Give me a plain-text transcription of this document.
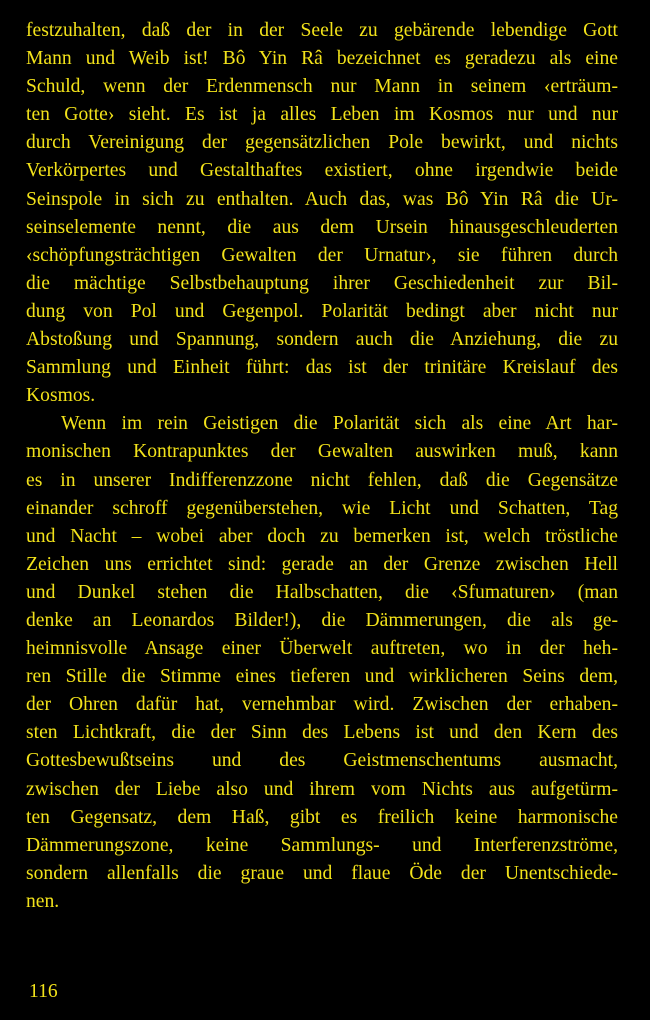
festzuhalten, daß der in der Seele zu gebärende lebendige Gott
Mann und Weib ist! Bô Yin Râ bezeichnet es geradezu als eine
Schuld, wenn der Erdenmensch nur Mann in seinem ‹erträum-
ten Gotte› sieht. Es ist ja alles Leben im Kosmos nur und nur
durch Vereinigung der gegensätzlichen Pole bewirkt, und nichts
Verkörpertes und Gestalthaftes existiert, ohne irgendwie beide
Seinspole in sich zu enthalten. Auch das, was Bô Yin Râ die Ur-
seinselemente nennt, die aus dem Ursein hinausgeschleuderten
‹schöpfungsträchtigen Gewalten der Urnatur›, sie führen durch
die mächtige Selbstbehauptung ihrer Geschiedenheit zur Bil-
dung von Pol und Gegenpol. Polarität bedingt aber nicht nur
Abstoßung und Spannung, sondern auch die Anziehung, die zu
Sammlung und Einheit führt: das ist der trinitäre Kreislauf des
Kosmos.
Wenn im rein Geistigen die Polarität sich als eine Art har-
monischen Kontrapunktes der Gewalten auswirken muß, kann
es in unserer Indifferenzzone nicht fehlen, daß die Gegensätze
einander schroff gegenüberstehen, wie Licht und Schatten, Tag
und Nacht – wobei aber doch zu bemerken ist, welch tröstliche
Zeichen uns errichtet sind: gerade an der Grenze zwischen Hell
und Dunkel stehen die Halbschatten, die ‹Sfumaturen› (man
denke an Leonardos Bilder!), die Dämmerungen, die als ge-
heimnisvolle Ansage einer Überwelt auftreten, wo in der heh-
ren Stille die Stimme eines tieferen und wirklicheren Seins dem,
der Ohren dafür hat, vernehmbar wird. Zwischen der erhaben-
sten Lichtkraft, die der Sinn des Lebens ist und den Kern des
Gottesbewußtseins und des Geistmenschentums ausmacht,
zwischen der Liebe also und ihrem vom Nichts aus aufgetürm-
ten Gegensatz, dem Haß, gibt es freilich keine harmonische
Dämmerungszone, keine Sammlungs- und Interferenzströme,
sondern allenfalls die graue und flaue Öde der Unentschiede-
nen.
116
